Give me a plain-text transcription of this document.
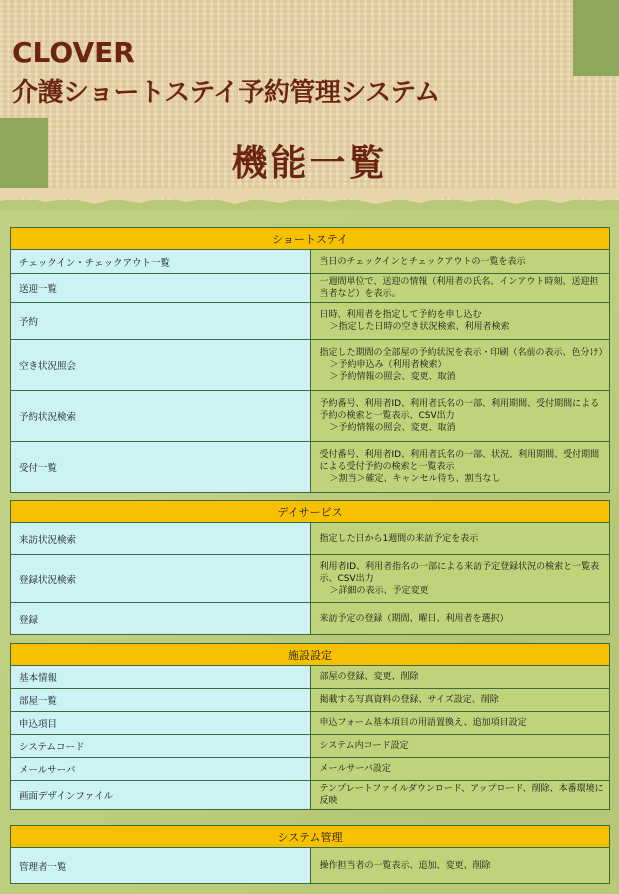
CLOVER
介護ショートステイ予約管理システム
機能一覧
ショートステイ	
チェックイン・チェックアウト一覧	当日のチェックインとチェックアウトの一覧を表示
送迎一覧	一週間単位で、送迎の情報（利用者の氏名、インアウト時刻、送迎担当者など）を表示。
予約	日時、利用者を指定して予約を申し込む
＞指定した日時の空き状況検索、利用者検索

空き状況照会	指定した期間の全部屋の予約状況を表示・印刷（名前の表示、色分け）
＞予約申込み（利用者検索）
＞予約情報の照会、変更、取消

予約状況検索	予約番号、利用者ID、利用者氏名の一部、利用期間、受付期間による予約の検索と一覧表示、CSV出力
＞予約情報の照会、変更、取消

受付一覧	受付番号、利用者ID、利用者氏名の一部、状況、利用期間、受付期間による受付予約の検索と一覧表示
＞割当＞確定、キャンセル待ち、割当なし
デイサービス	
来訪状況検索	指定した日から1週間の来訪予定を表示
登録状況検索	利用者ID、利用者指名の一部による来訪予定登録状況の検索と一覧表示、CSV出力
＞詳細の表示、予定変更

登録	来訪予定の登録（期間、曜日、利用者を選択）
施設設定	
基本情報	部屋の登録、変更、削除
部屋一覧	掲載する写真資料の登録、サイズ設定、削除
申込項目	申込フォーム基本項目の用語置換え、追加項目設定
システムコード	システム内コード設定
メールサーバ	メールサーバ設定
画面デザインファイル	テンプレートファイルダウンロード、アップロード、削除、本番環境に反映
システム管理
管理者一覧	操作担当者の一覧表示、追加、変更、削除
